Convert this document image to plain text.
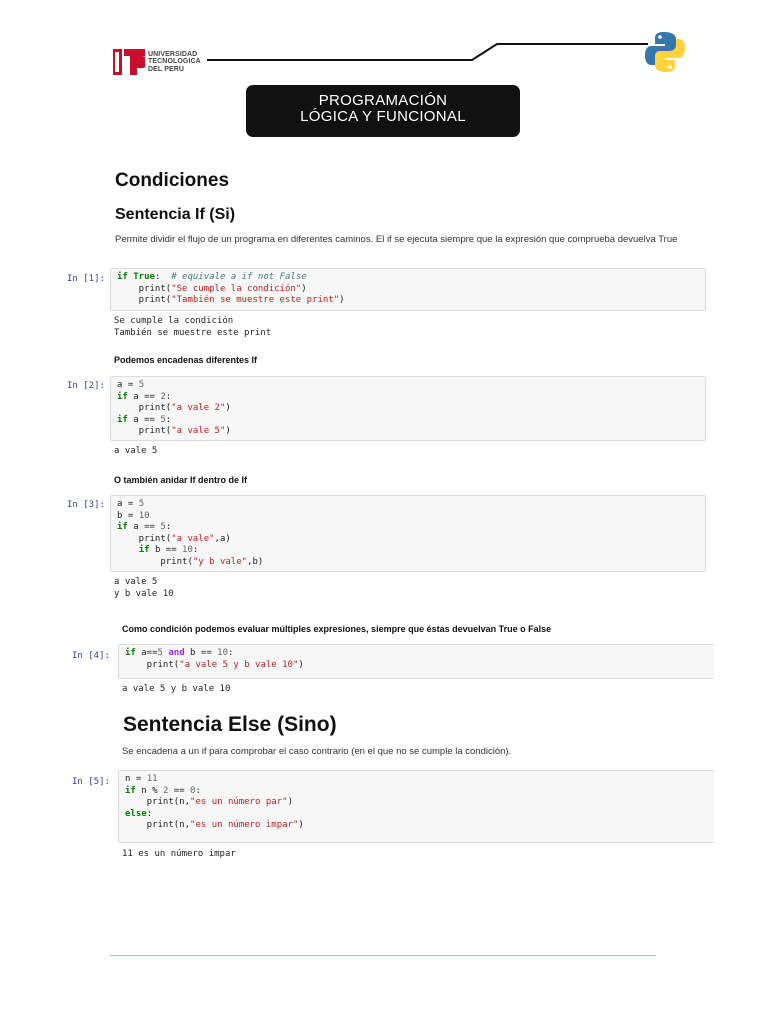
UNIVERSIDAD
TECNOLOGICA
DEL PERU
PROGRAMACIÓN
LÓGICA Y FUNCIONAL
Condiciones
Sentencia If (Si)
Permite dividir el flujo de un programa en diferentes caminos. El if se ejecuta siempre que la expresión que comprueba devuelva True
In [1]:	if True:  # equivale a if not False
print("Se cumple la condición")
print("También se muestre este print")
Se cumple la condición
También se muestre este print
Podemos encadenas diferentes If
In [2]:	a = 5
if a == 2:
print("a vale 2")
if a == 5:
print("a vale 5")
a vale 5
O también anidar If dentro de If
In [3]:	a = 5
b = 10
if a == 5:
print("a vale",a)
if b == 10:
print("y b vale",b)
a vale 5
y b vale 10
Como condición podemos evaluar múltiples expresiones, siempre que éstas devuelvan True o False
In [4]:	if a==5 and b == 10:
print("a vale 5 y b vale 10")
a vale 5 y b vale 10
Sentencia Else (Sino)
Se encadena a un if para comprobar el caso contrario (en el que no se cumple la condición).
In [5]:	n = 11
if n % 2 == 0:
print(n,"es un número par")
else:
print(n,"es un número impar")
11 es un número impar
